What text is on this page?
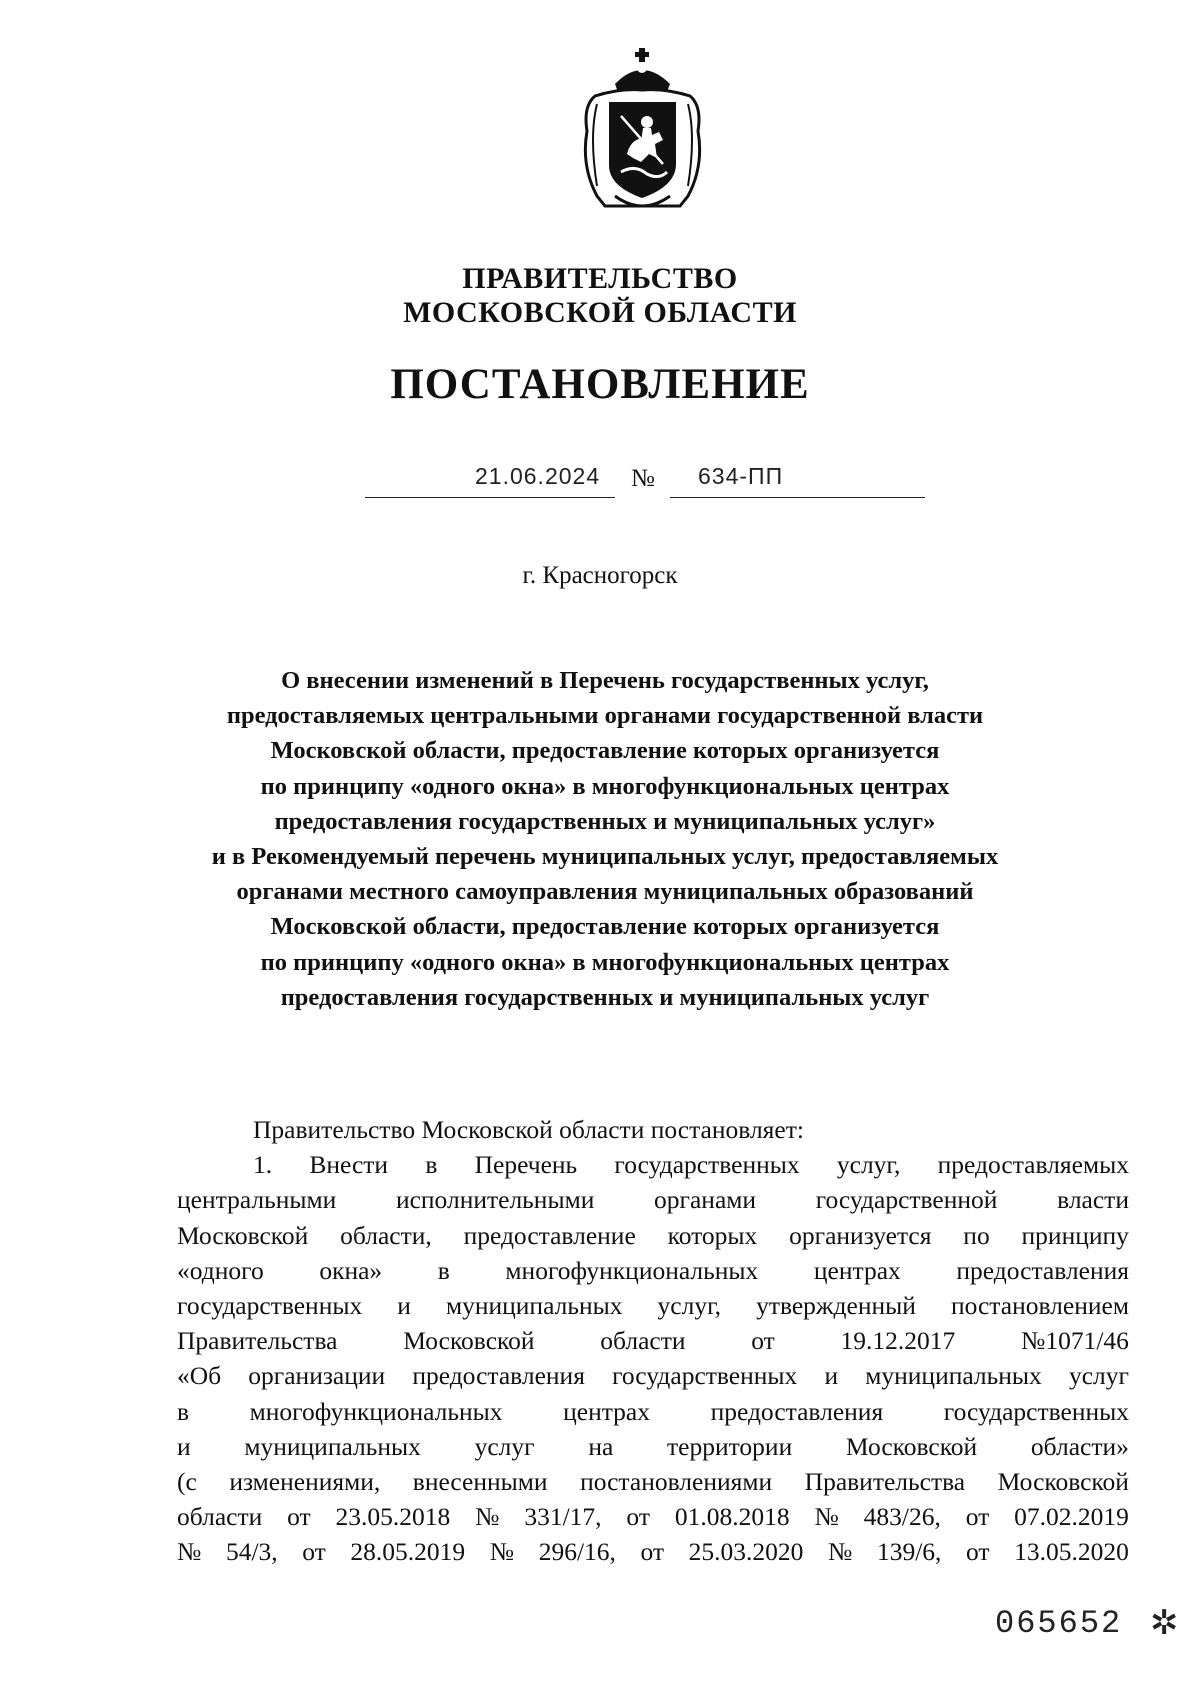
ПРАВИТЕЛЬСТВО
МОСКОВСКОЙ ОБЛАСТИ
ПОСТАНОВЛЕНИЕ
21.06.2024 № 634-ПП
г. Красногорск
О внесении изменений в Перечень государственных услуг,
предоставляемых центральными органами государственной власти
Московской области, предоставление которых организуется
по принципу «одного окна» в многофункциональных центрах
предоставления государственных и муниципальных услуг»
и в Рекомендуемый перечень муниципальных услуг, предоставляемых
органами местного самоуправления муниципальных образований
Московской области, предоставление которых организуется
по принципу «одного окна» в многофункциональных центрах
предоставления государственных и муниципальных услуг
Правительство Московской области постановляет:
1. Внести в Перечень государственных услуг, предоставляемых
центральными исполнительными органами государственной власти
Московской области, предоставление которых организуется по принципу
«одного окна» в многофункциональных центрах предоставления
государственных и муниципальных услуг, утвержденный постановлением
Правительства	Московской	области	от	19.12.2017	№1071/46
«Об организации предоставления государственных и муниципальных услуг
в многофункциональных центрах предоставления государственных
и муниципальных услуг на территории Московской области»
(с изменениями, внесенными постановлениями Правительства Московской
области от 23.05.2018 № 331/17, от 01.08.2018 № 483/26, от 07.02.2019
№ 54/3, от 28.05.2019 № 296/16, от 25.03.2020 № 139/6, от 13.05.2020
065652 ✲
